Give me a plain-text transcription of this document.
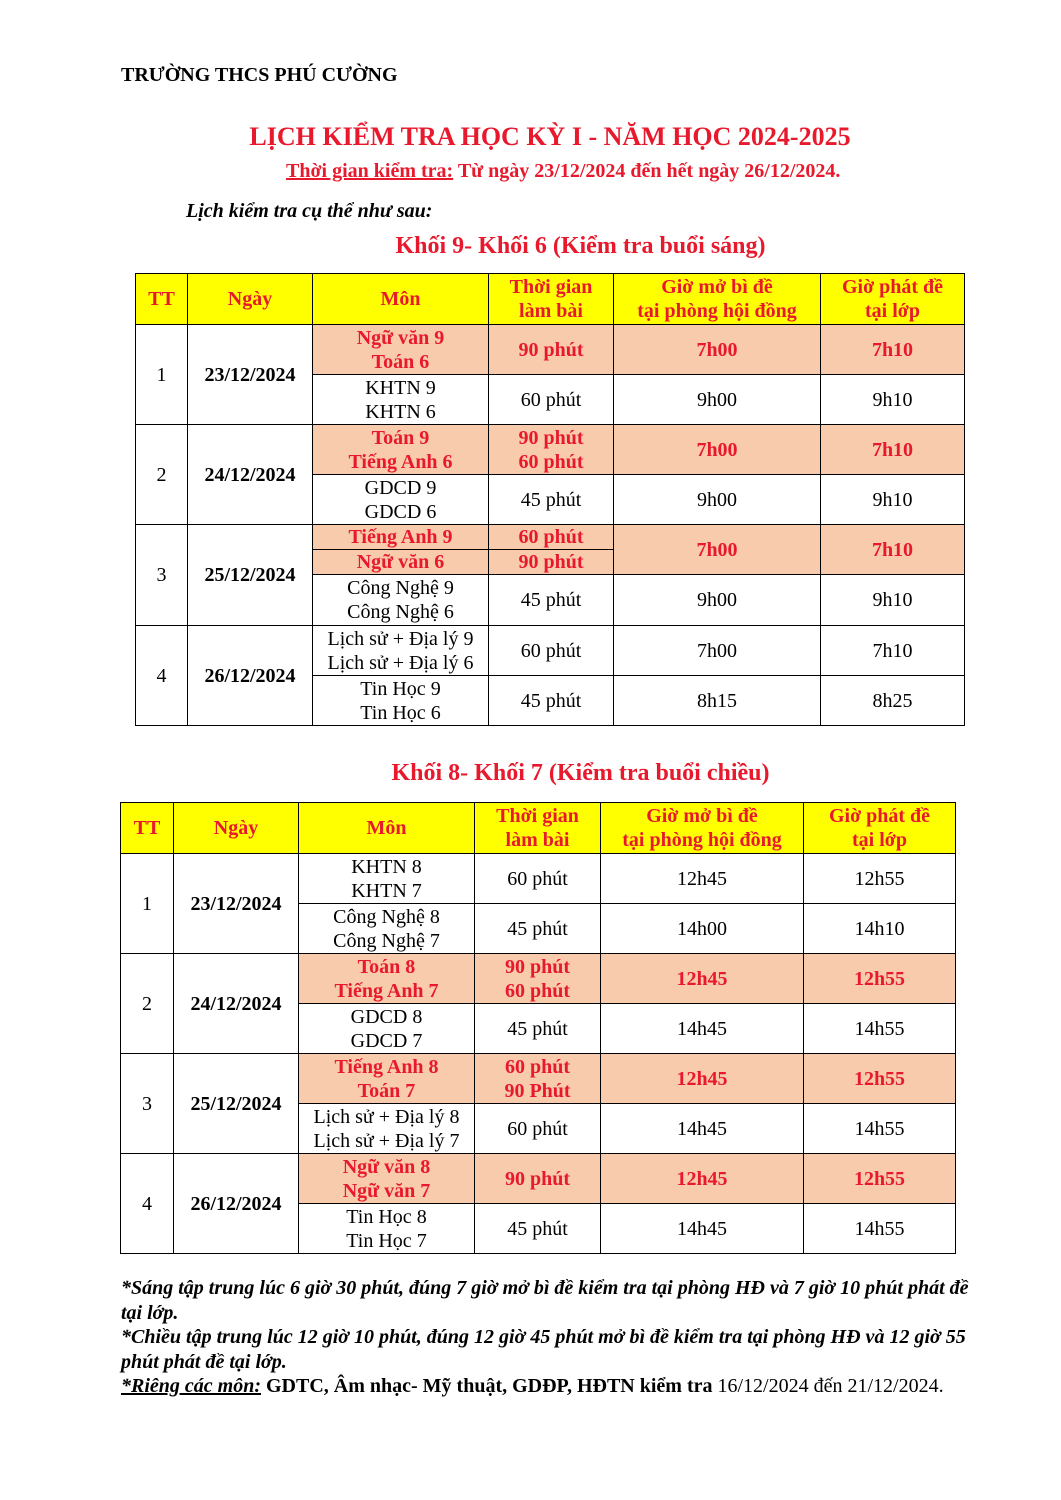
TRƯỜNG THCS PHÚ CƯỜNG
LỊCH KIỂM TRA HỌC KỲ I - NĂM HỌC 2024-2025
Thời gian kiểm tra: Từ ngày 23/12/2024 đến hết ngày 26/12/2024.
Lịch kiểm tra cụ thể như sau:
Khối 9- Khối 6 (Kiểm tra buổi sáng)
TT	Ngày	Môn	Thời gian
làm bài	Giờ mở bì đề
tại phòng hội đồng	Giờ phát đề
tại lớp

1	23/12/2024	Ngữ văn 9
Toán 6	90 phút	7h00	7h10

		KHTN 9
KHTN 6	60 phút	9h00	9h10
2	24/12/2024	Toán 9
Tiếng Anh 6	90 phút
60 phút	7h00	7h10

		GDCD 9
GDCD 6	45 phút	9h00	9h10
3	25/12/2024	Tiếng Anh 9	60 phút	7h00	7h10
		Ngữ văn 6	90 phút		

		Công Nghệ 9
Công Nghệ 6	45 phút	9h00	9h10
4	26/12/2024	Lịch sử + Địa lý 9
Lịch sử + Địa lý 6	60 phút	7h00	7h10

		Tin Học 9
Tin Học 6	45 phút	8h15	8h25
Khối 8- Khối 7 (Kiểm tra buổi chiều)
TT	Ngày	Môn	Thời gian
làm bài	Giờ mở bì đề
tại phòng hội đồng	Giờ phát đề
tại lớp

1	23/12/2024	KHTN 8
KHTN 7	60 phút	12h45	12h55

		Công Nghệ 8
Công Nghệ 7	45 phút	14h00	14h10
2	24/12/2024	Toán 8
Tiếng Anh 7	90 phút
60 phút	12h45	12h55

		GDCD 8
GDCD 7	45 phút	14h45	14h55
3	25/12/2024	Tiếng Anh 8
Toán 7	60 phút
90 Phút	12h45	12h55

		Lịch sử + Địa lý 8
Lịch sử + Địa lý 7	60 phút	14h45	14h55
4	26/12/2024	Ngữ văn 8
Ngữ văn 7	90 phút	12h45	12h55

		Tin Học 8
Tin Học 7	45 phút	14h45	14h55

*Sáng tập trung lúc 6 giờ 30 phút, đúng 7 giờ mở bì đề kiểm tra tại phòng HĐ và 7 giờ 10 phút phát đề tại lớp.

*Chiều tập trung lúc 12 giờ 10 phút, đúng 12 giờ 45 phút mở bì đề kiểm tra tại phòng HĐ và 12 giờ 55 phút phát đề tại lớp.

*Riêng các môn: GDTC, Âm nhạc- Mỹ thuật, GDĐP, HĐTN kiểm tra 16/12/2024 đến 21/12/2024.
